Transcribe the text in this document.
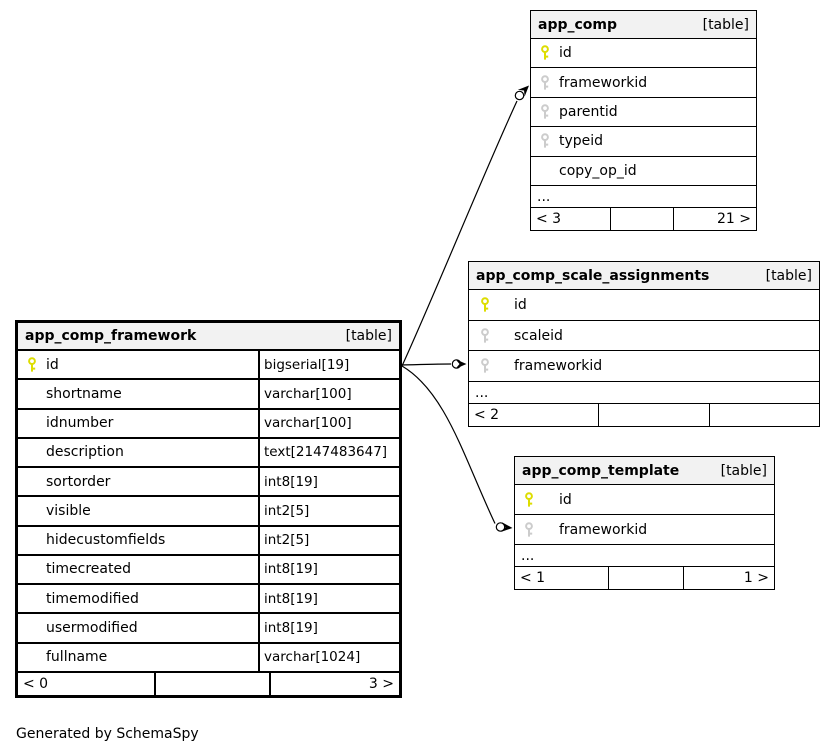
app_comp	[table]
id
frameworkid
parentid
typeid
copy_op_id
...
< 3	21 >
app_comp_scale_assignments	[table]
id
scaleid
frameworkid
...
< 2
app_comp_template	[table]
id
frameworkid
...
< 1	1 >
app_comp_framework	[table]
id	bigserial[19]
shortname	varchar[100]
idnumber	varchar[100]
description	text[2147483647]
sortorder	int8[19]
visible	int2[5]
hidecustomfields	int2[5]
timecreated	int8[19]
timemodified	int8[19]
usermodified	int8[19]
fullname	varchar[1024]
< 0	3 >
Generated by SchemaSpy
